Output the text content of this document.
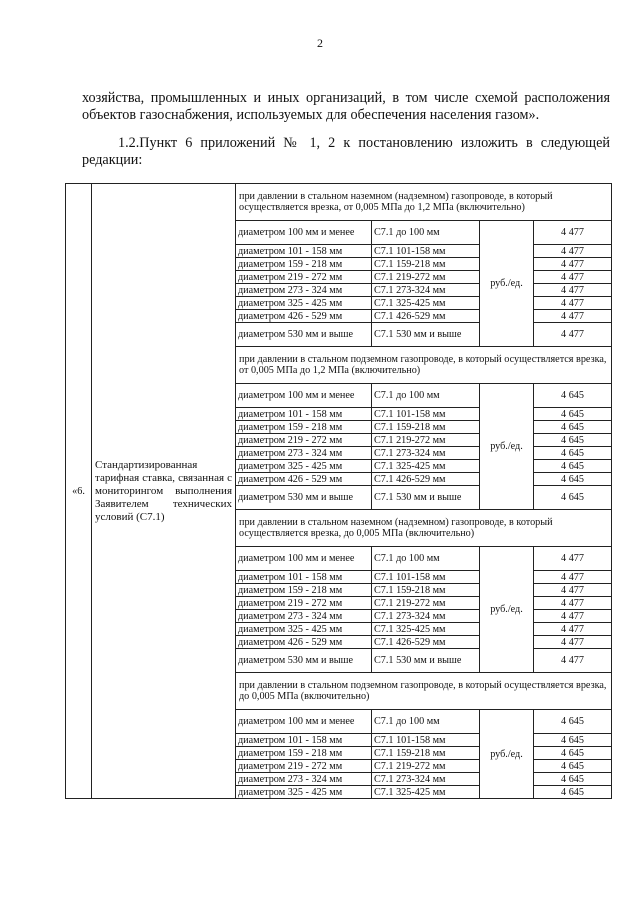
2

хозяйства, промышленных и иных организаций, в том числе схемой расположения объектов газоснабжения, используемых для обеспечения населения газом».

1.2.Пункт 6 приложений № 1, 2 к постановлению изложить в следующей редакции:

«6.	Стандартизированная тарифная ставка, связанная с мониторингом выполнения Заявителем технических условий (С7.1)	при давлении в стальном наземном (надземном) газопроводе, в который осуществляется врезка, от 0,005 МПа до 1,2 МПа (включительно)			
		диаметром 100 мм и менее	С7.1 до 100 мм	руб./ед.	4 477
		диаметром 101 - 158 мм	С7.1 101-158 мм		4 477
		диаметром 159 - 218 мм	С7.1 159-218 мм		4 477
		диаметром 219 - 272 мм	С7.1 219-272 мм		4 477
		диаметром 273 - 324 мм	С7.1 273-324 мм		4 477
		диаметром 325 - 425 мм	С7.1 325-425 мм		4 477
		диаметром 426 - 529 мм	С7.1 426-529 мм		4 477
		диаметром 530 мм и выше	С7.1 530 мм и выше		4 477
		при давлении в стальном подземном газопроводе, в который осуществляется врезка, от 0,005 МПа до 1,2 МПа (включительно)			
		диаметром 100 мм и менее	С7.1 до 100 мм	руб./ед.	4 645
		диаметром 101 - 158 мм	С7.1 101-158 мм		4 645
		диаметром 159 - 218 мм	С7.1 159-218 мм		4 645
		диаметром 219 - 272 мм	С7.1 219-272 мм		4 645
		диаметром 273 - 324 мм	С7.1 273-324 мм		4 645
		диаметром 325 - 425 мм	С7.1 325-425 мм		4 645
		диаметром 426 - 529 мм	С7.1 426-529 мм		4 645
		диаметром 530 мм и выше	С7.1 530 мм и выше		4 645
		при давлении в стальном наземном (надземном) газопроводе, в который осуществляется врезка, до 0,005 МПа (включительно)			
		диаметром 100 мм и менее	С7.1 до 100 мм	руб./ед.	4 477
		диаметром 101 - 158 мм	С7.1 101-158 мм		4 477
		диаметром 159 - 218 мм	С7.1 159-218 мм		4 477
		диаметром 219 - 272 мм	С7.1 219-272 мм		4 477
		диаметром 273 - 324 мм	С7.1 273-324 мм		4 477
		диаметром 325 - 425 мм	С7.1 325-425 мм		4 477
		диаметром 426 - 529 мм	С7.1 426-529 мм		4 477
		диаметром 530 мм и выше	С7.1 530 мм и выше		4 477
		при давлении в стальном подземном газопроводе, в который осуществляется врезка, до 0,005 МПа (включительно)			
		диаметром 100 мм и менее	С7.1 до 100 мм	руб./ед.	4 645
		диаметром 101 - 158 мм	С7.1 101-158 мм		4 645
		диаметром 159 - 218 мм	С7.1 159-218 мм		4 645
		диаметром 219 - 272 мм	С7.1 219-272 мм		4 645
		диаметром 273 - 324 мм	С7.1 273-324 мм		4 645
		диаметром 325 - 425 мм	С7.1 325-425 мм		4 645
